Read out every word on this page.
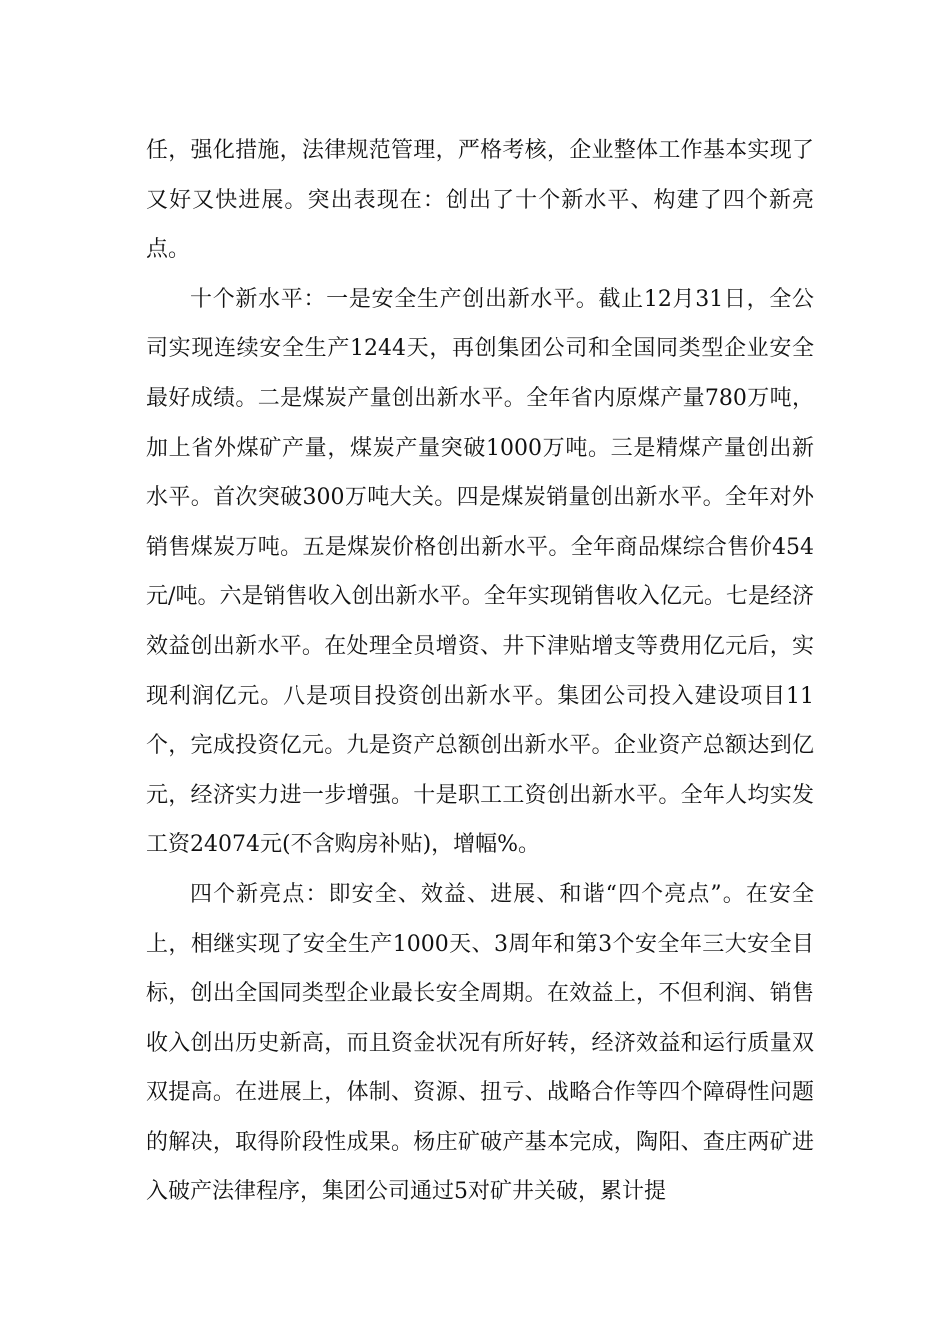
任，强化措施，法律规范管理，严格考核，企业整体工作基本实现了又好又快进展。突出表现在：创出了十个新水平、构建了四个新亮点。

十个新水平：一是安全生产创出新水平。截止12月31日，全公司实现连续安全生产1244天，再创集团公司和全国同类型企业安全最好成绩。二是煤炭产量创出新水平。全年省内原煤产量780万吨，加上省外煤矿产量，煤炭产量突破1000万吨。三是精煤产量创出新水平。首次突破300万吨大关。四是煤炭销量创出新水平。全年对外销售煤炭万吨。五是煤炭价格创出新水平。全年商品煤综合售价454元/吨。六是销售收入创出新水平。全年实现销售收入亿元。七是经济效益创出新水平。在处理全员增资、井下津贴增支等费用亿元后，实现利润亿元。八是项目投资创出新水平。集团公司投入建设项目11个，完成投资亿元。九是资产总额创出新水平。企业资产总额达到亿元，经济实力进一步增强。十是职工工资创出新水平。全年人均实发工资24074元(不含购房补贴)，增幅%。

四个新亮点：即安全、效益、进展、和谐“四个亮点”。在安全上，相继实现了安全生产1000天、3周年和第3个安全年三大安全目标，创出全国同类型企业最长安全周期。在效益上，不但利润、销售收入创出历史新高，而且资金状况有所好转，经济效益和运行质量双双提高。在进展上，体制、资源、扭亏、战略合作等四个障碍性问题的解决，取得阶段性成果。杨庄矿破产基本完成，陶阳、查庄两矿进入破产法律程序，集团公司通过5对矿井关破，累计提
